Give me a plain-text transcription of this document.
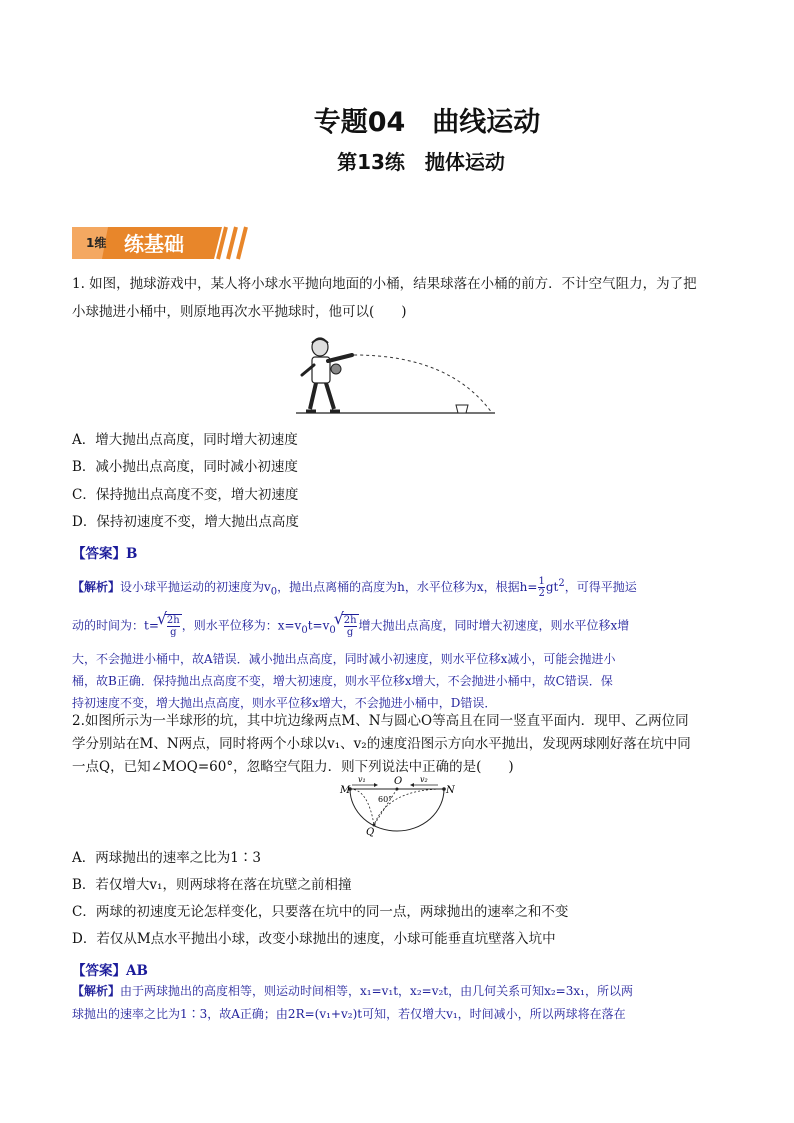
专题04　曲线运动
第13练　抛体运动
1维 练基础
1. 如图，抛球游戏中，某人将小球水平抛向地面的小桶，结果球落在小桶的前方．不计空气阻力，为了把
小球抛进小桶中，则原地再次水平抛球时，他可以(　　)
A．增大抛出点高度，同时增大初速度
B．减小抛出点高度，同时减小初速度
C．保持抛出点高度不变，增大初速度
D．保持初速度不变，增大抛出点高度
【答案】B
【解析】设小球平抛运动的初速度为$v_0$，抛出点离桶的高度为h，水平位移为x，根据$h= \frac{1}{2} gt^2$，可得平抛运
动的时间为：t=
√ 2h
g ，则水平位移为：$x=v_0t=v_0$
√ 2h
g 增大抛出点高度，同时增大初速度，则水平位移x增
大，不会抛进小桶中，故A错误．减小抛出点高度，同时减小初速度，则水平位移x减小，可能会抛进小
桶，故B正确．保持抛出点高度不变，增大初速度，则水平位移x增大，不会抛进小桶中，故C错误．保
持初速度不变，增大抛出点高度，则水平位移x增大，不会抛进小桶中，D错误．
2.如图所示为一半球形的坑，其中坑边缘两点M、N与圆心O等高且在同一竖直平面内．现甲、乙两位同
学分别站在M、N两点，同时将两个小球以v₁、v₂的速度沿图示方向水平抛出，发现两球刚好落在坑中同
一点Q，已知∠MOQ=60°，忽略空气阻力．则下列说法中正确的是(　　)
M	N
O
Q
v₁	v₂
60°
A．两球抛出的速率之比为1∶3
B．若仅增大v₁，则两球将在落在坑壁之前相撞
C．两球的初速度无论怎样变化，只要落在坑中的同一点，两球抛出的速率之和不变
D．若仅从M点水平抛出小球，改变小球抛出的速度，小球可能垂直坑壁落入坑中
【答案】AB
【解析】由于两球抛出的高度相等，则运动时间相等，x₁=v₁t，x₂=v₂t，由几何关系可知x₂=3x₁，所以两
球抛出的速率之比为1∶3，故A正确；由2R=(v₁+v₂)t可知，若仅增大v₁，时间减小，所以两球将在落在
